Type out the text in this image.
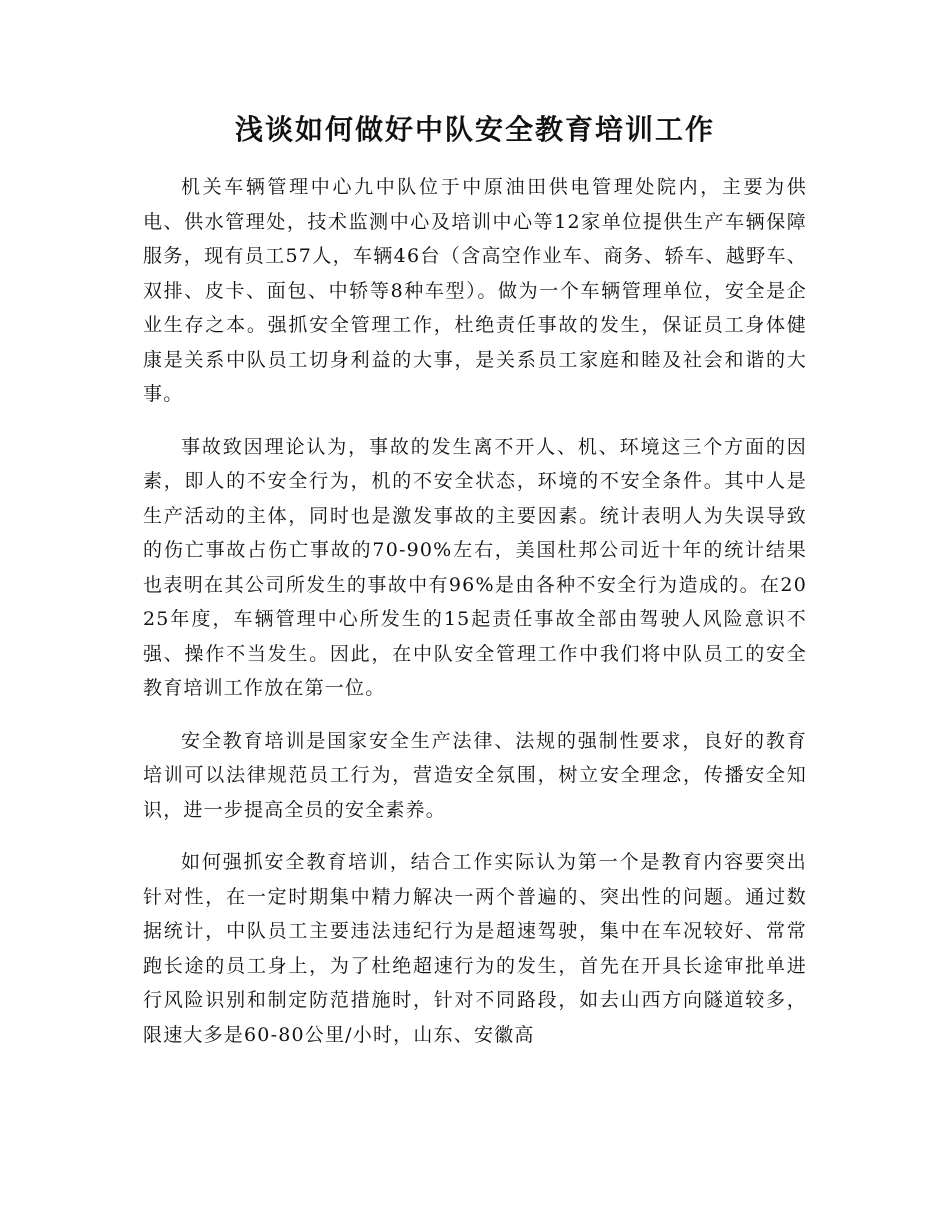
浅谈如何做好中队安全教育培训工作

机关车辆管理中心九中队位于中原油田供电管理处院内，主要为供电、供水管理处，技术监测中心及培训中心等12家单位提供生产车辆保障服务，现有员工57人，车辆46台（含高空作业车、商务、轿车、越野车、双排、皮卡、面包、中轿等8种车型）。做为一个车辆管理单位，安全是企业生存之本。强抓安全管理工作，杜绝责任事故的发生，保证员工身体健康是关系中队员工切身利益的大事，是关系员工家庭和睦及社会和谐的大事。

事故致因理论认为，事故的发生离不开人、机、环境这三个方面的因素，即人的不安全行为，机的不安全状态，环境的不安全条件。其中人是生产活动的主体，同时也是激发事故的主要因素。统计表明人为失误导致的伤亡事故占伤亡事故的70-90%左右，美国杜邦公司近十年的统计结果也表明在其公司所发生的事故中有96%是由各种不安全行为造成的。在2025年度，车辆管理中心所发生的15起责任事故全部由驾驶人风险意识不强、操作不当发生。因此，在中队安全管理工作中我们将中队员工的安全教育培训工作放在第一位。

安全教育培训是国家安全生产法律、法规的强制性要求，良好的教育培训可以法律规范员工行为，营造安全氛围，树立安全理念，传播安全知识，进一步提高全员的安全素养。

如何强抓安全教育培训，结合工作实际认为第一个是教育内容要突出针对性，在一定时期集中精力解决一两个普遍的、突出性的问题。通过数据统计，中队员工主要违法违纪行为是超速驾驶，集中在车况较好、常常跑长途的员工身上，为了杜绝超速行为的发生，首先在开具长途审批单进行风险识别和制定防范措施时，针对不同路段，如去山西方向隧道较多，限速大多是60-80公里/小时，山东、安徽高
